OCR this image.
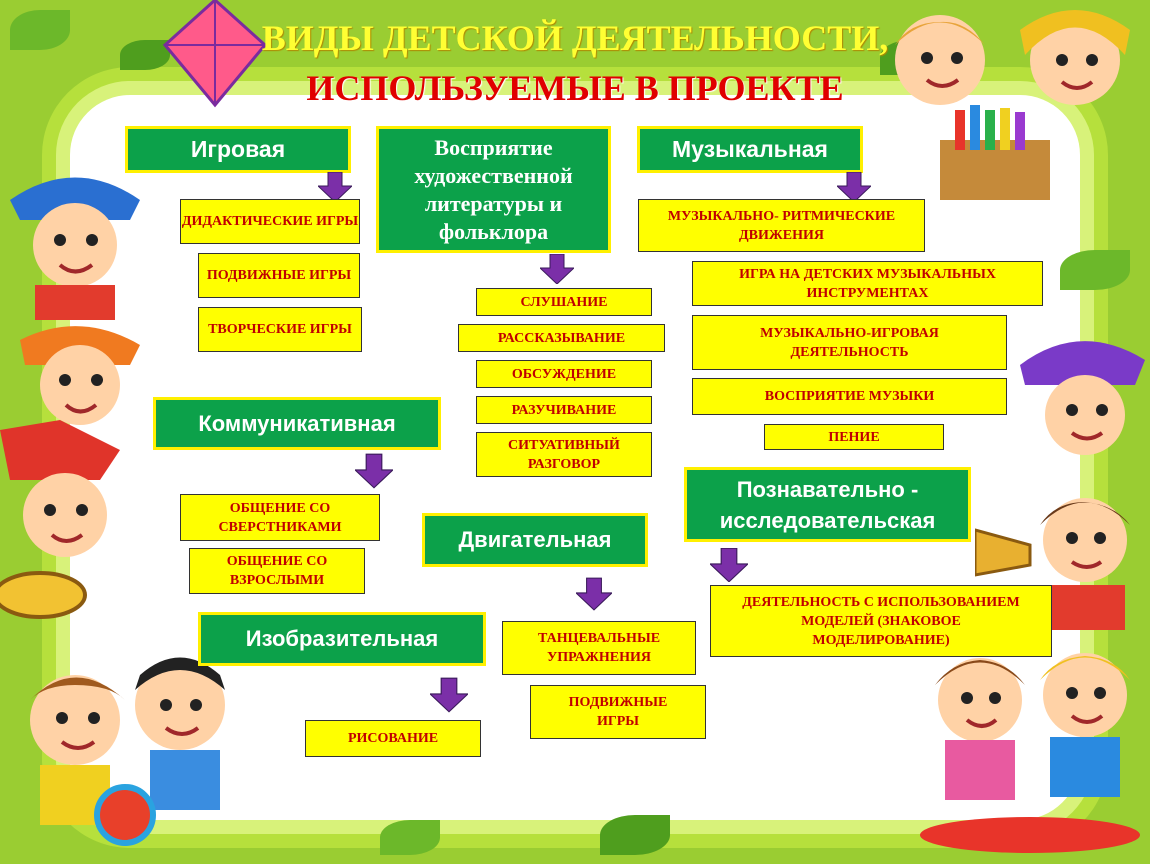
ВИДЫ ДЕТСКОЙ ДЕЯТЕЛЬНОСТИ,
ИСПОЛЬЗУЕМЫЕ В ПРОЕКТЕ
Игровая
ДИДАКТИЧЕСКИЕ ИГРЫ
ПОДВИЖНЫЕ ИГРЫ
ТВОРЧЕСКИЕ ИГРЫ
Восприятие художественной литературы и фольклора
СЛУШАНИЕ
РАССКАЗЫВАНИЕ
ОБСУЖДЕНИЕ
РАЗУЧИВАНИЕ
СИТУАТИВНЫЙ РАЗГОВОР
Музыкальная
МУЗЫКАЛЬНО- РИТМИЧЕСКИЕ ДВИЖЕНИЯ
ИГРА НА ДЕТСКИХ МУЗЫКАЛЬНЫХ ИНСТРУМЕНТАХ
МУЗЫКАЛЬНО-ИГРОВАЯ ДЕЯТЕЛЬНОСТЬ
ВОСПРИЯТИЕ МУЗЫКИ
ПЕНИЕ
Коммуникативная
ОБЩЕНИЕ СО СВЕРСТНИКАМИ
ОБЩЕНИЕ СО ВЗРОСЛЫМИ
Познавательно - исследовательская
ДЕЯТЕЛЬНОСТЬ С ИСПОЛЬЗОВАНИЕМ МОДЕЛЕЙ (ЗНАКОВОЕ МОДЕЛИРОВАНИЕ)
Двигательная
ТАНЦЕВАЛЬНЫЕ УПРАЖНЕНИЯ
ПОДВИЖНЫЕ ИГРЫ
Изобразительная
РИСОВАНИЕ
